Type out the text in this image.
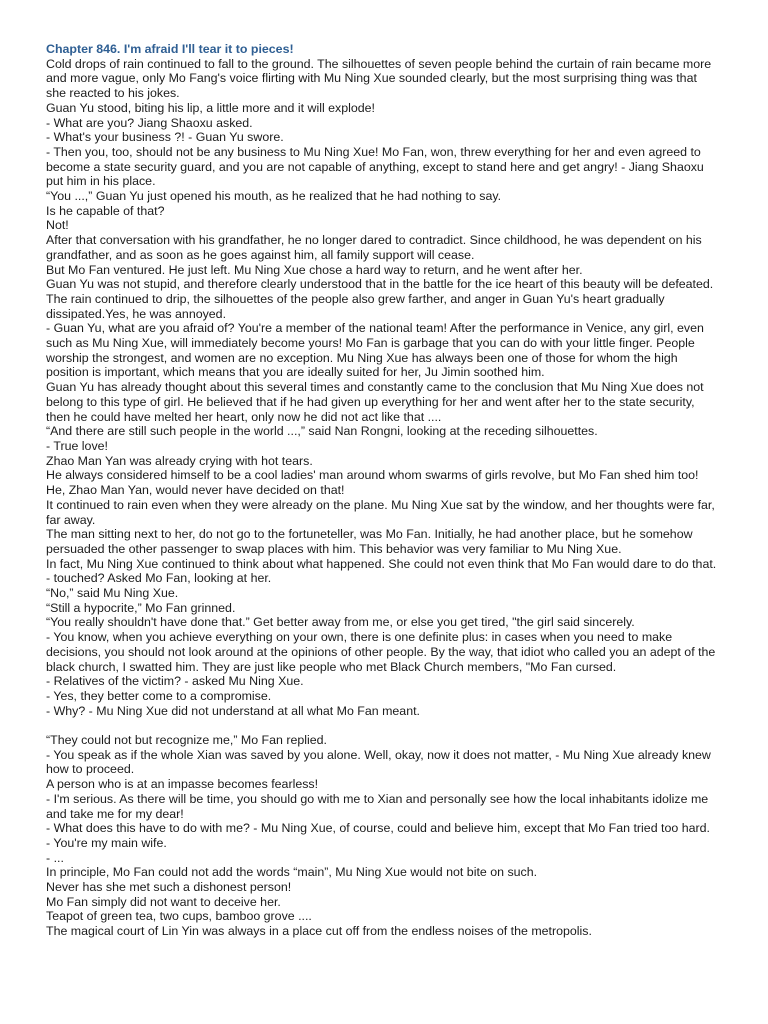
Chapter 846. I'm afraid I'll tear it to pieces!

Cold drops of rain continued to fall to the ground. The silhouettes of seven people behind the curtain of rain became more and more vague, only Mo Fang's voice flirting with Mu Ning Xue sounded clearly, but the most surprising thing was that she reacted to his jokes.

Guan Yu stood, biting his lip, a little more and it will explode!

- What are you? Jiang Shaoxu asked.

- What's your business ?! - Guan Yu swore.

- Then you, too, should not be any business to Mu Ning Xue! Mo Fan, won, threw everything for her and even agreed to become a state security guard, and you are not capable of anything, except to stand here and get angry! - Jiang Shaoxu put him in his place.

“You ...,” Guan Yu just opened his mouth, as he realized that he had nothing to say.

Is he capable of that?

Not!

After that conversation with his grandfather, he no longer dared to contradict. Since childhood, he was dependent on his grandfather, and as soon as he goes against him, all family support will cease.

But Mo Fan ventured. He just left. Mu Ning Xue chose a hard way to return, and he went after her.

Guan Yu was not stupid, and therefore clearly understood that in the battle for the ice heart of this beauty will be defeated. The rain continued to drip, the silhouettes of the people also grew farther, and anger in Guan Yu's heart gradually dissipated.Yes, he was annoyed.

- Guan Yu, what are you afraid of? You're a member of the national team! After the performance in Venice, any girl, even such as Mu Ning Xue, will immediately become yours! Mo Fan is garbage that you can do with your little finger. People worship the strongest, and women are no exception. Mu Ning Xue has always been one of those for whom the high position is important, which means that you are ideally suited for her, Ju Jimin soothed him.

Guan Yu has already thought about this several times and constantly came to the conclusion that Mu Ning Xue does not belong to this type of girl. He believed that if he had given up everything for her and went after her to the state security, then he could have melted her heart, only now he did not act like that ....

“And there are still such people in the world ...,” said Nan Rongni, looking at the receding silhouettes.

- True love!

Zhao Man Yan was already crying with hot tears.

He always considered himself to be a cool ladies' man around whom swarms of girls revolve, but Mo Fan shed him too! He, Zhao Man Yan, would never have decided on that!

It continued to rain even when they were already on the plane. Mu Ning Xue sat by the window, and her thoughts were far, far away.

The man sitting next to her, do not go to the fortuneteller, was Mo Fan. Initially, he had another place, but he somehow persuaded the other passenger to swap places with him. This behavior was very familiar to Mu Ning Xue.

In fact, Mu Ning Xue continued to think about what happened. She could not even think that Mo Fan would dare to do that.

- touched? Asked Mo Fan, looking at her.

“No,” said Mu Ning Xue.

“Still a hypocrite,” Mo Fan grinned.

“You really shouldn't have done that.” Get better away from me, or else you get tired, "the girl said sincerely.

- You know, when you achieve everything on your own, there is one definite plus: in cases when you need to make decisions, you should not look around at the opinions of other people. By the way, that idiot who called you an adept of the black church, I swatted him. They are just like people who met Black Church members, "Mo Fan cursed.

- Relatives of the victim? - asked Mu Ning Xue.

- Yes, they better come to a compromise.

- Why? - Mu Ning Xue did not understand at all what Mo Fan meant.

“They could not but recognize me,” Mo Fan replied.

- You speak as if the whole Xian was saved by you alone. Well, okay, now it does not matter, - Mu Ning Xue already knew how to proceed.

A person who is at an impasse becomes fearless!

- I'm serious. As there will be time, you should go with me to Xian and personally see how the local inhabitants idolize me and take me for my dear!

- What does this have to do with me? - Mu Ning Xue, of course, could and believe him, except that Mo Fan tried too hard.

- You're my main wife.

- ...

In principle, Mo Fan could not add the words “main”, Mu Ning Xue would not bite on such.

Never has she met such a dishonest person!

Mo Fan simply did not want to deceive her.

Teapot of green tea, two cups, bamboo grove ....

The magical court of Lin Yin was always in a place cut off from the endless noises of the metropolis.
